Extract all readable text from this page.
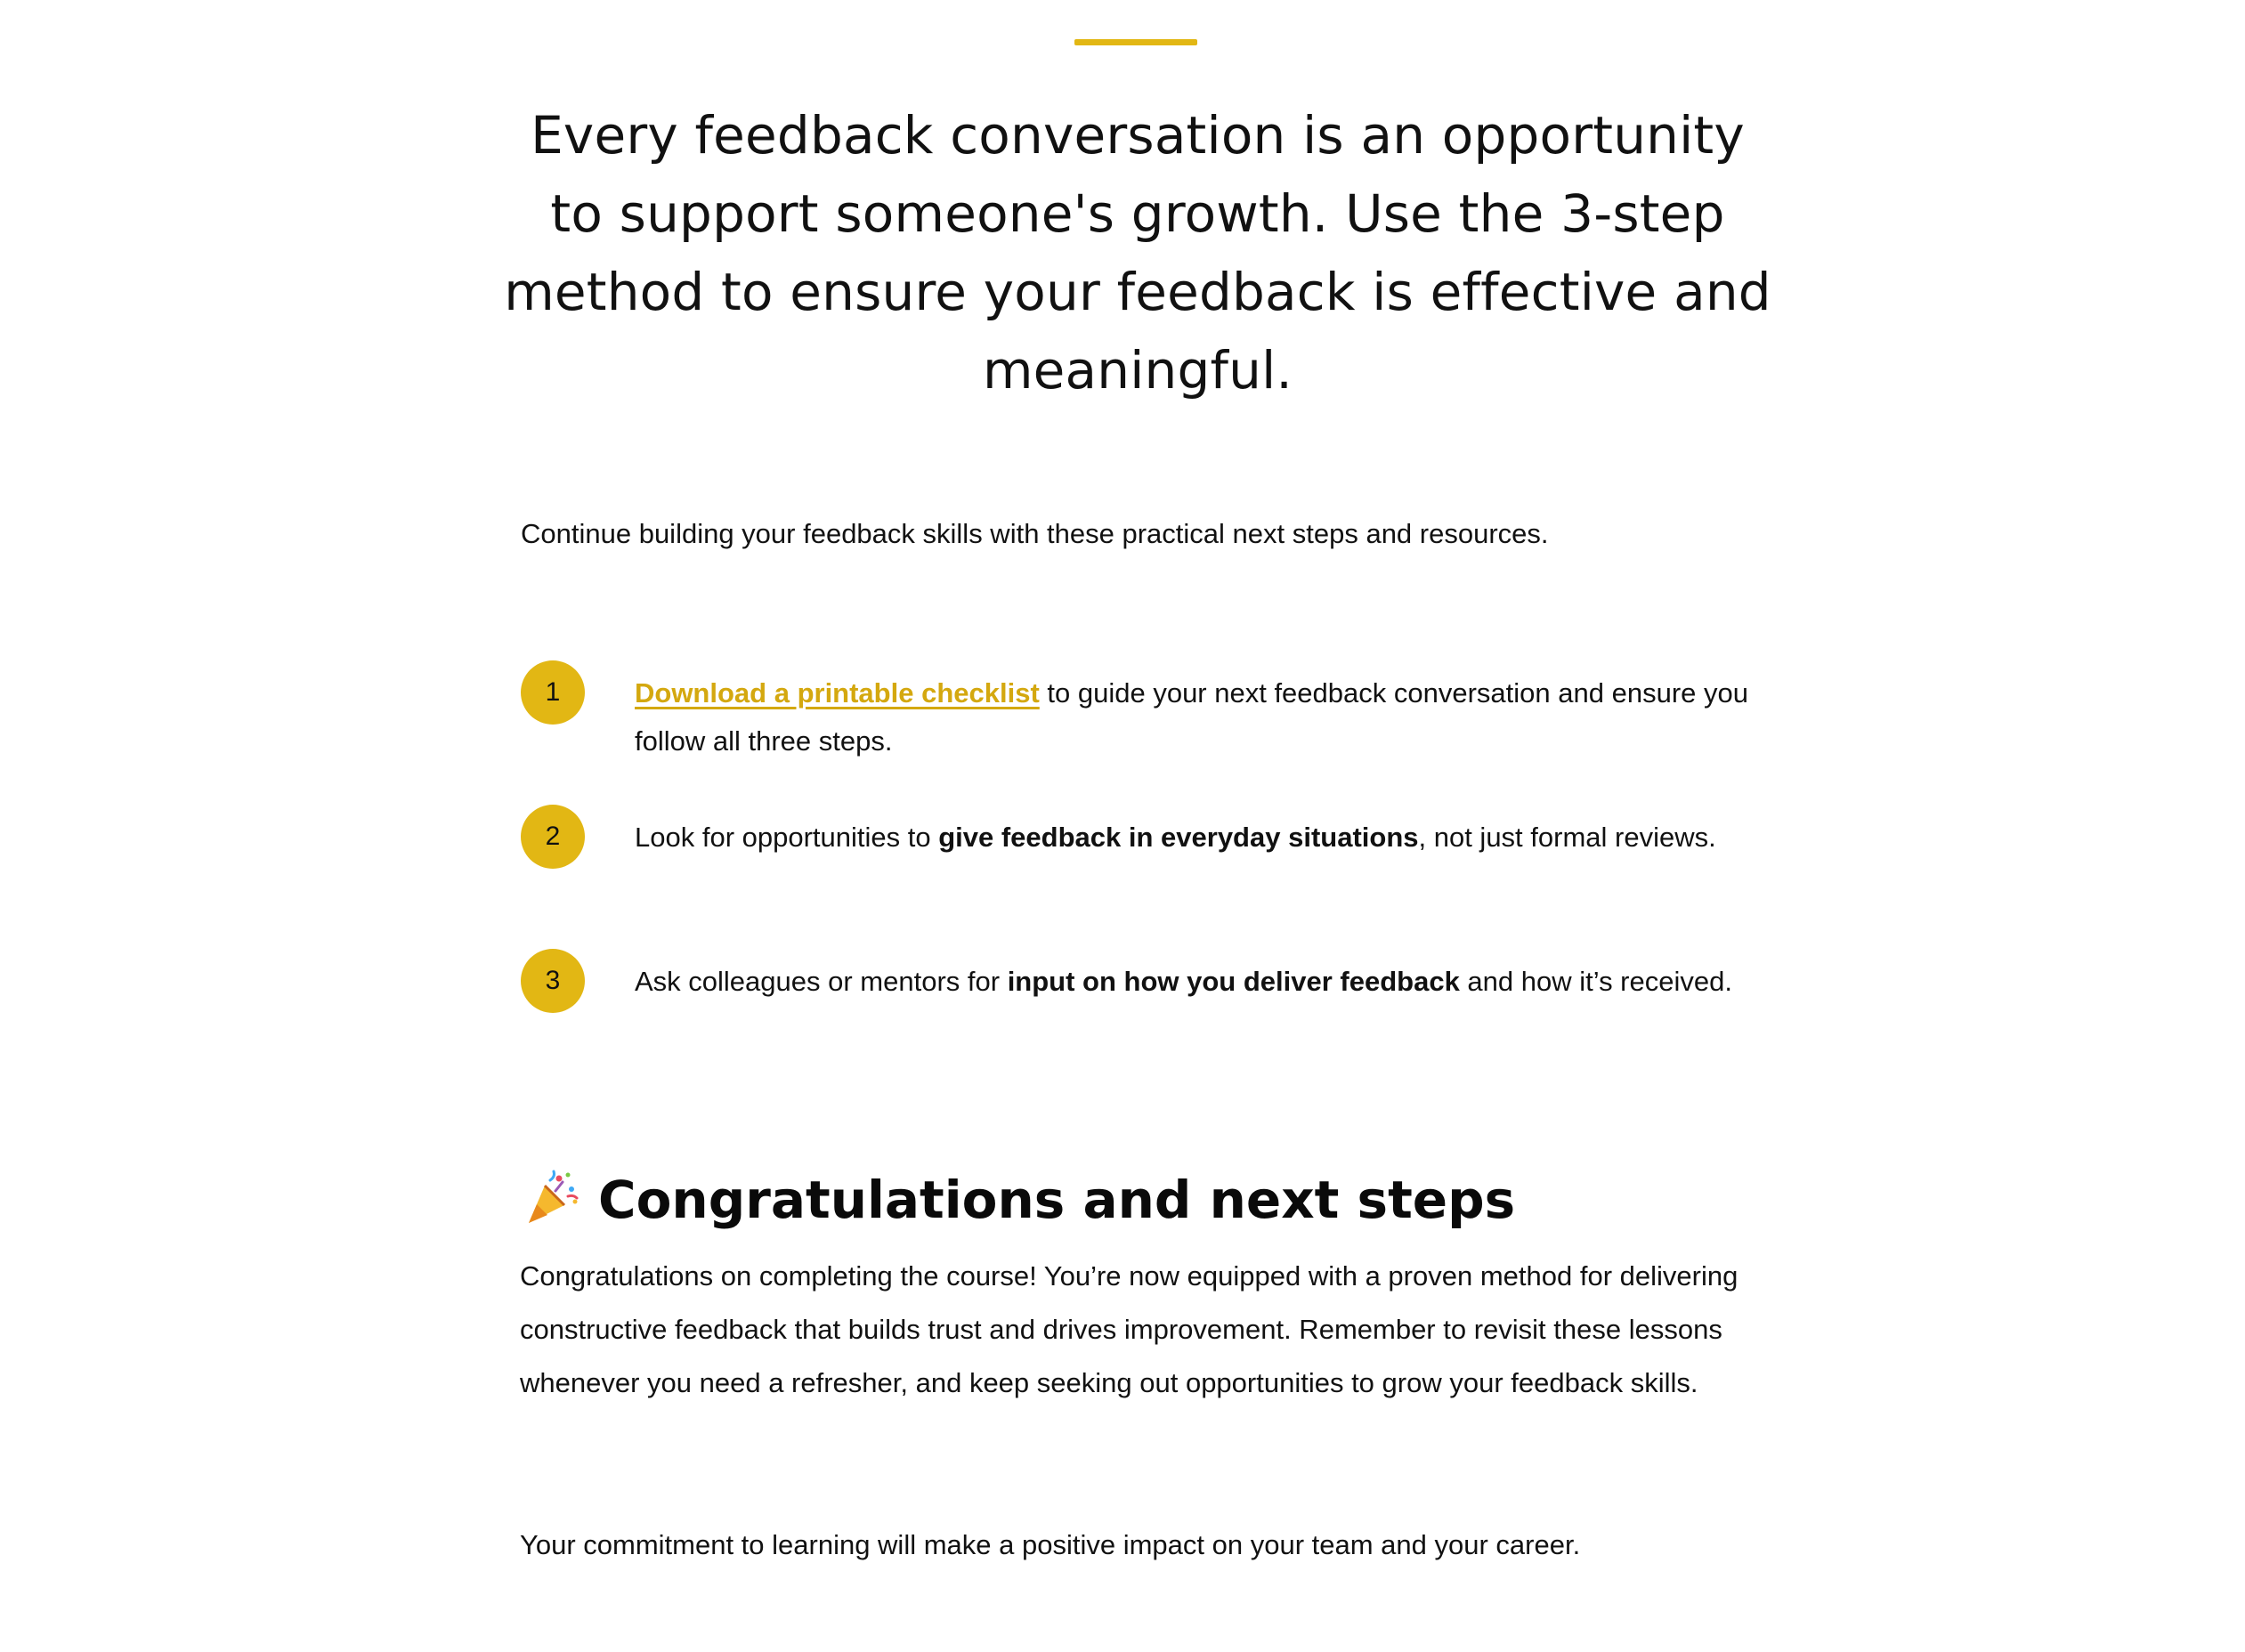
Every feedback conversation is an opportunity to support someone's growth. Use the 3-step method to ensure your feedback is effective and meaningful.

Continue building your feedback skills with these practical next steps and resources.

1	Download a printable checklist to guide your next feedback conversation and ensure you follow all three steps.

2	Look for opportunities to give feedback in everyday situations, not just formal reviews.

3	Ask colleagues or mentors for input on how you deliver feedback and how it’s received.

Congratulations and next steps

Congratulations on completing the course! You’re now equipped with a proven method for delivering constructive feedback that builds trust and drives improvement. Remember to revisit these lessons whenever you need a refresher, and keep seeking out opportunities to grow your feedback skills.

Your commitment to learning will make a positive impact on your team and your career.
